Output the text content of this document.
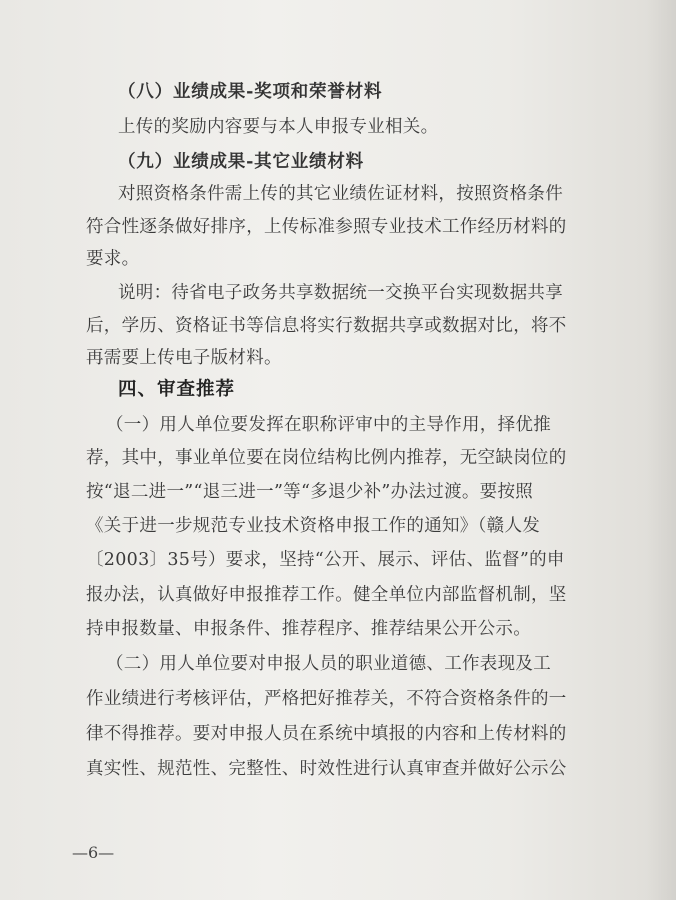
（八）业绩成果-奖项和荣誉材料
上传的奖励内容要与本人申报专业相关。
（九）业绩成果-其它业绩材料
对照资格条件需上传的其它业绩佐证材料，按照资格条件
符合性逐条做好排序，上传标准参照专业技术工作经历材料的
要求。
说明：待省电子政务共享数据统一交换平台实现数据共享
后，学历、资格证书等信息将实行数据共享或数据对比，将不
再需要上传电子版材料。
四、审查推荐
（一）用人单位要发挥在职称评审中的主导作用，择优推
荐，其中，事业单位要在岗位结构比例内推荐，无空缺岗位的
按“退二进一”“退三进一”等“多退少补”办法过渡。要按照
《关于进一步规范专业技术资格申报工作的通知》（赣人发
〔2003〕35号）要求，坚持“公开、展示、评估、监督”的申
报办法，认真做好申报推荐工作。健全单位内部监督机制，坚
持申报数量、申报条件、推荐程序、推荐结果公开公示。
（二）用人单位要对申报人员的职业道德、工作表现及工
作业绩进行考核评估，严格把好推荐关，不符合资格条件的一
律不得推荐。要对申报人员在系统中填报的内容和上传材料的
真实性、规范性、完整性、时效性进行认真审查并做好公示公
—6—
